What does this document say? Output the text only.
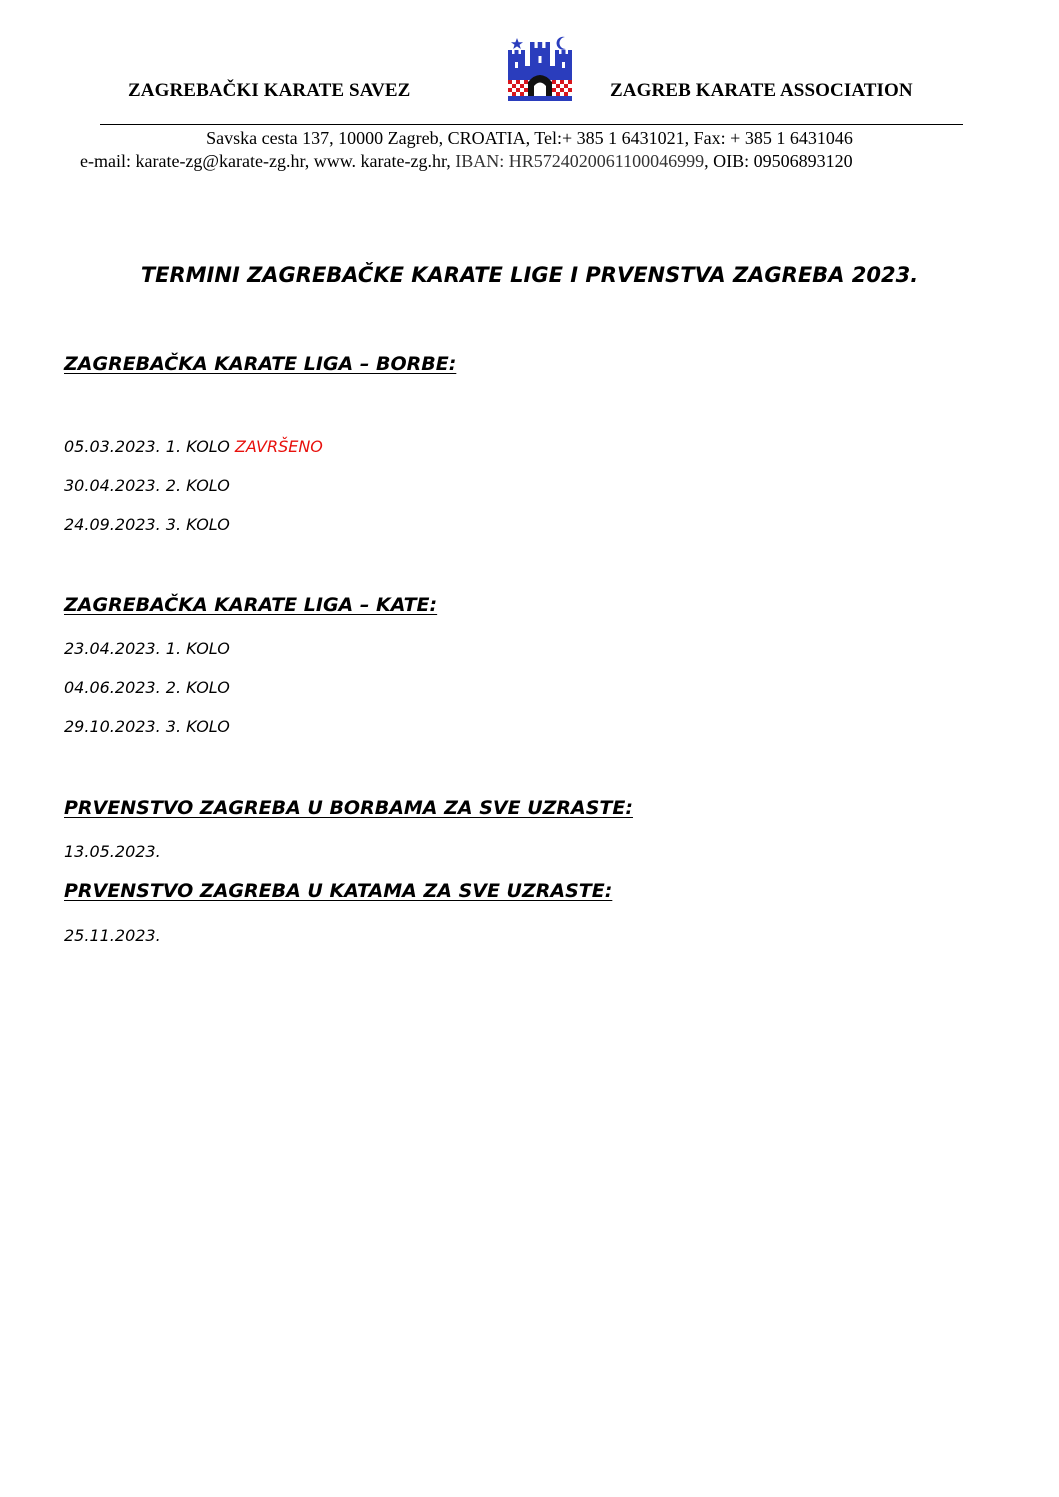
ZAGREBAČKI KARATE SAVEZ	ZAGREB KARATE ASSOCIATION
Savska cesta 137, 10000 Zagreb, CROATIA, Tel:+ 385 1 6431021, Fax: + 385 1 6431046
e-mail: karate-zg@karate-zg.hr, www. karate-zg.hr, IBAN: HR5724020061100046999, OIB: 09506893120
TERMINI ZAGREBAČKE KARATE LIGE I PRVENSTVA ZAGREBA 2023.
ZAGREBAČKA KARATE LIGA – BORBE:
05.03.2023. 1. KOLO ZAVRŠENO
30.04.2023. 2. KOLO
24.09.2023. 3. KOLO
ZAGREBAČKA KARATE LIGA – KATE:
23.04.2023. 1. KOLO
04.06.2023. 2. KOLO
29.10.2023. 3. KOLO
PRVENSTVO ZAGREBA U BORBAMA ZA SVE UZRASTE:
13.05.2023.
PRVENSTVO ZAGREBA U KATAMA ZA SVE UZRASTE:
25.11.2023.
